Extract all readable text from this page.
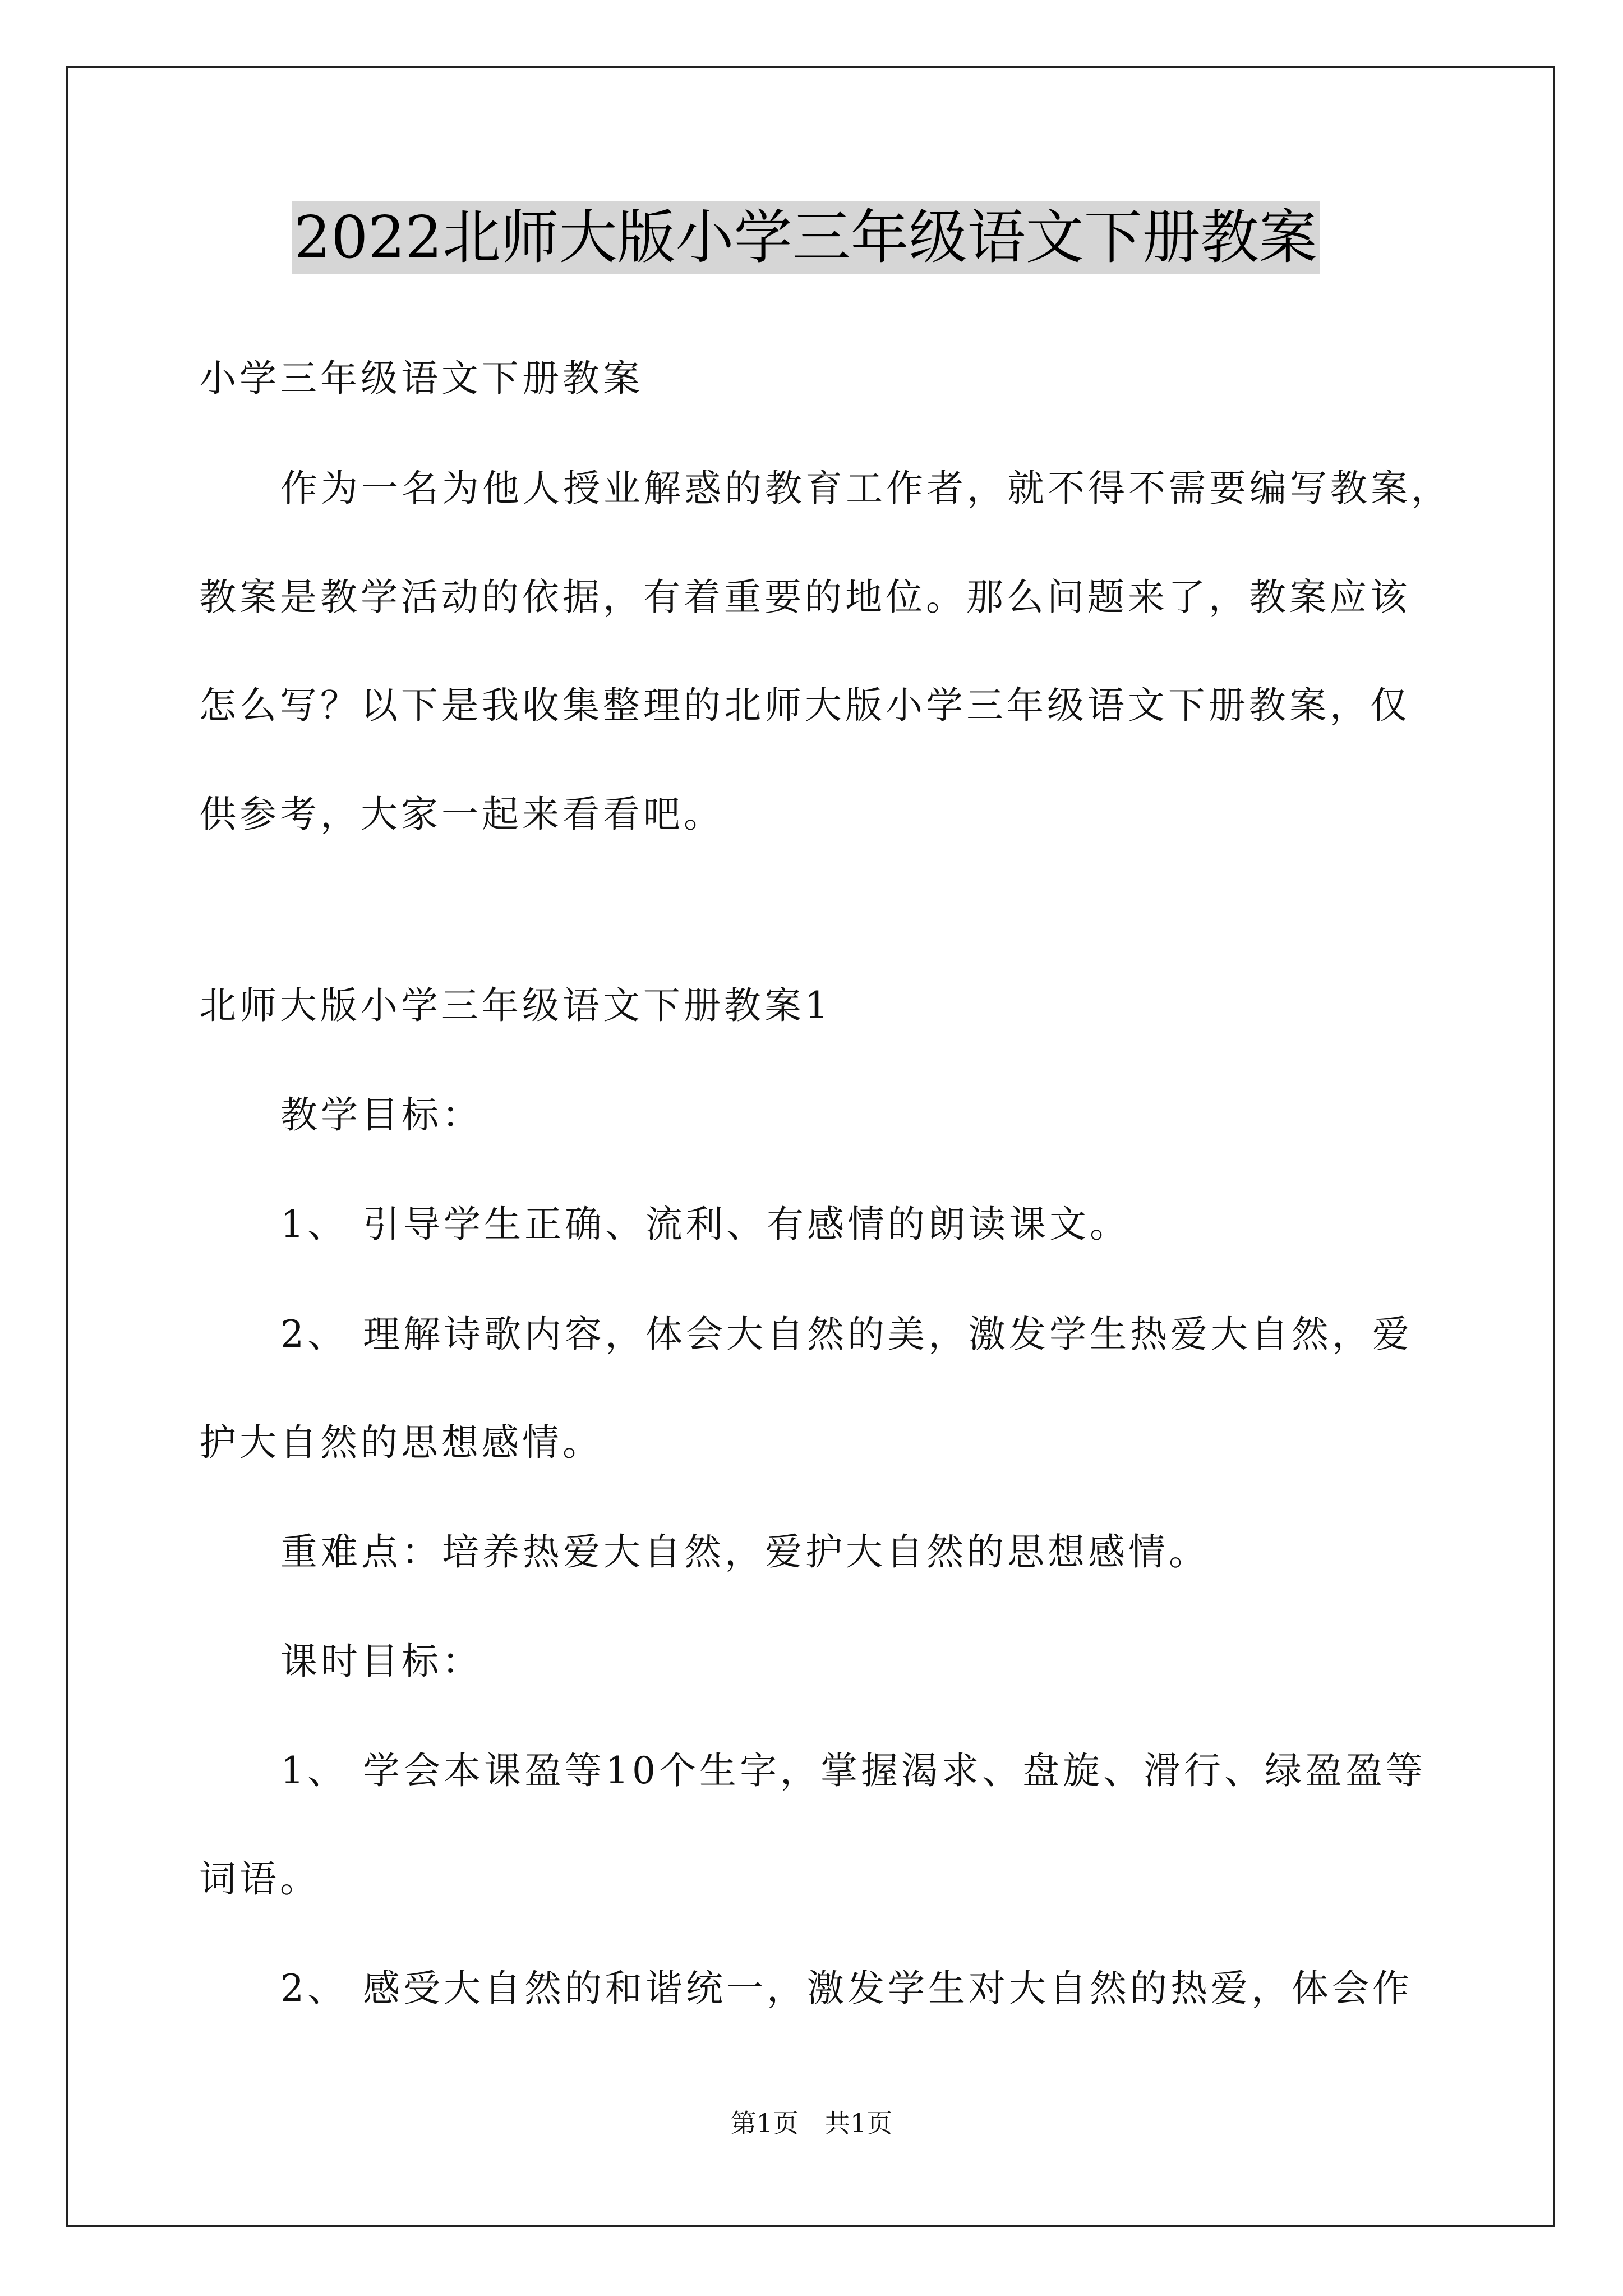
2022北师大版小学三年级语文下册教案
小学三年级语文下册教案
作为一名为他人授业解惑的教育工作者，就不得不需要编写教案，
教案是教学活动的依据，有着重要的地位。那么问题来了，教案应该
怎么写？以下是我收集整理的北师大版小学三年级语文下册教案，仅
供参考，大家一起来看看吧。
北师大版小学三年级语文下册教案1
教学目标：
1、 引导学生正确、流利、有感情的朗读课文。
2、 理解诗歌内容，体会大自然的美，激发学生热爱大自然，爱
护大自然的思想感情。
重难点：培养热爱大自然，爱护大自然的思想感情。
课时目标：
1、 学会本课盈等10个生字，掌握渴求、盘旋、滑行、绿盈盈等
词语。
2、 感受大自然的和谐统一，激发学生对大自然的热爱，体会作
第1页　共1页
